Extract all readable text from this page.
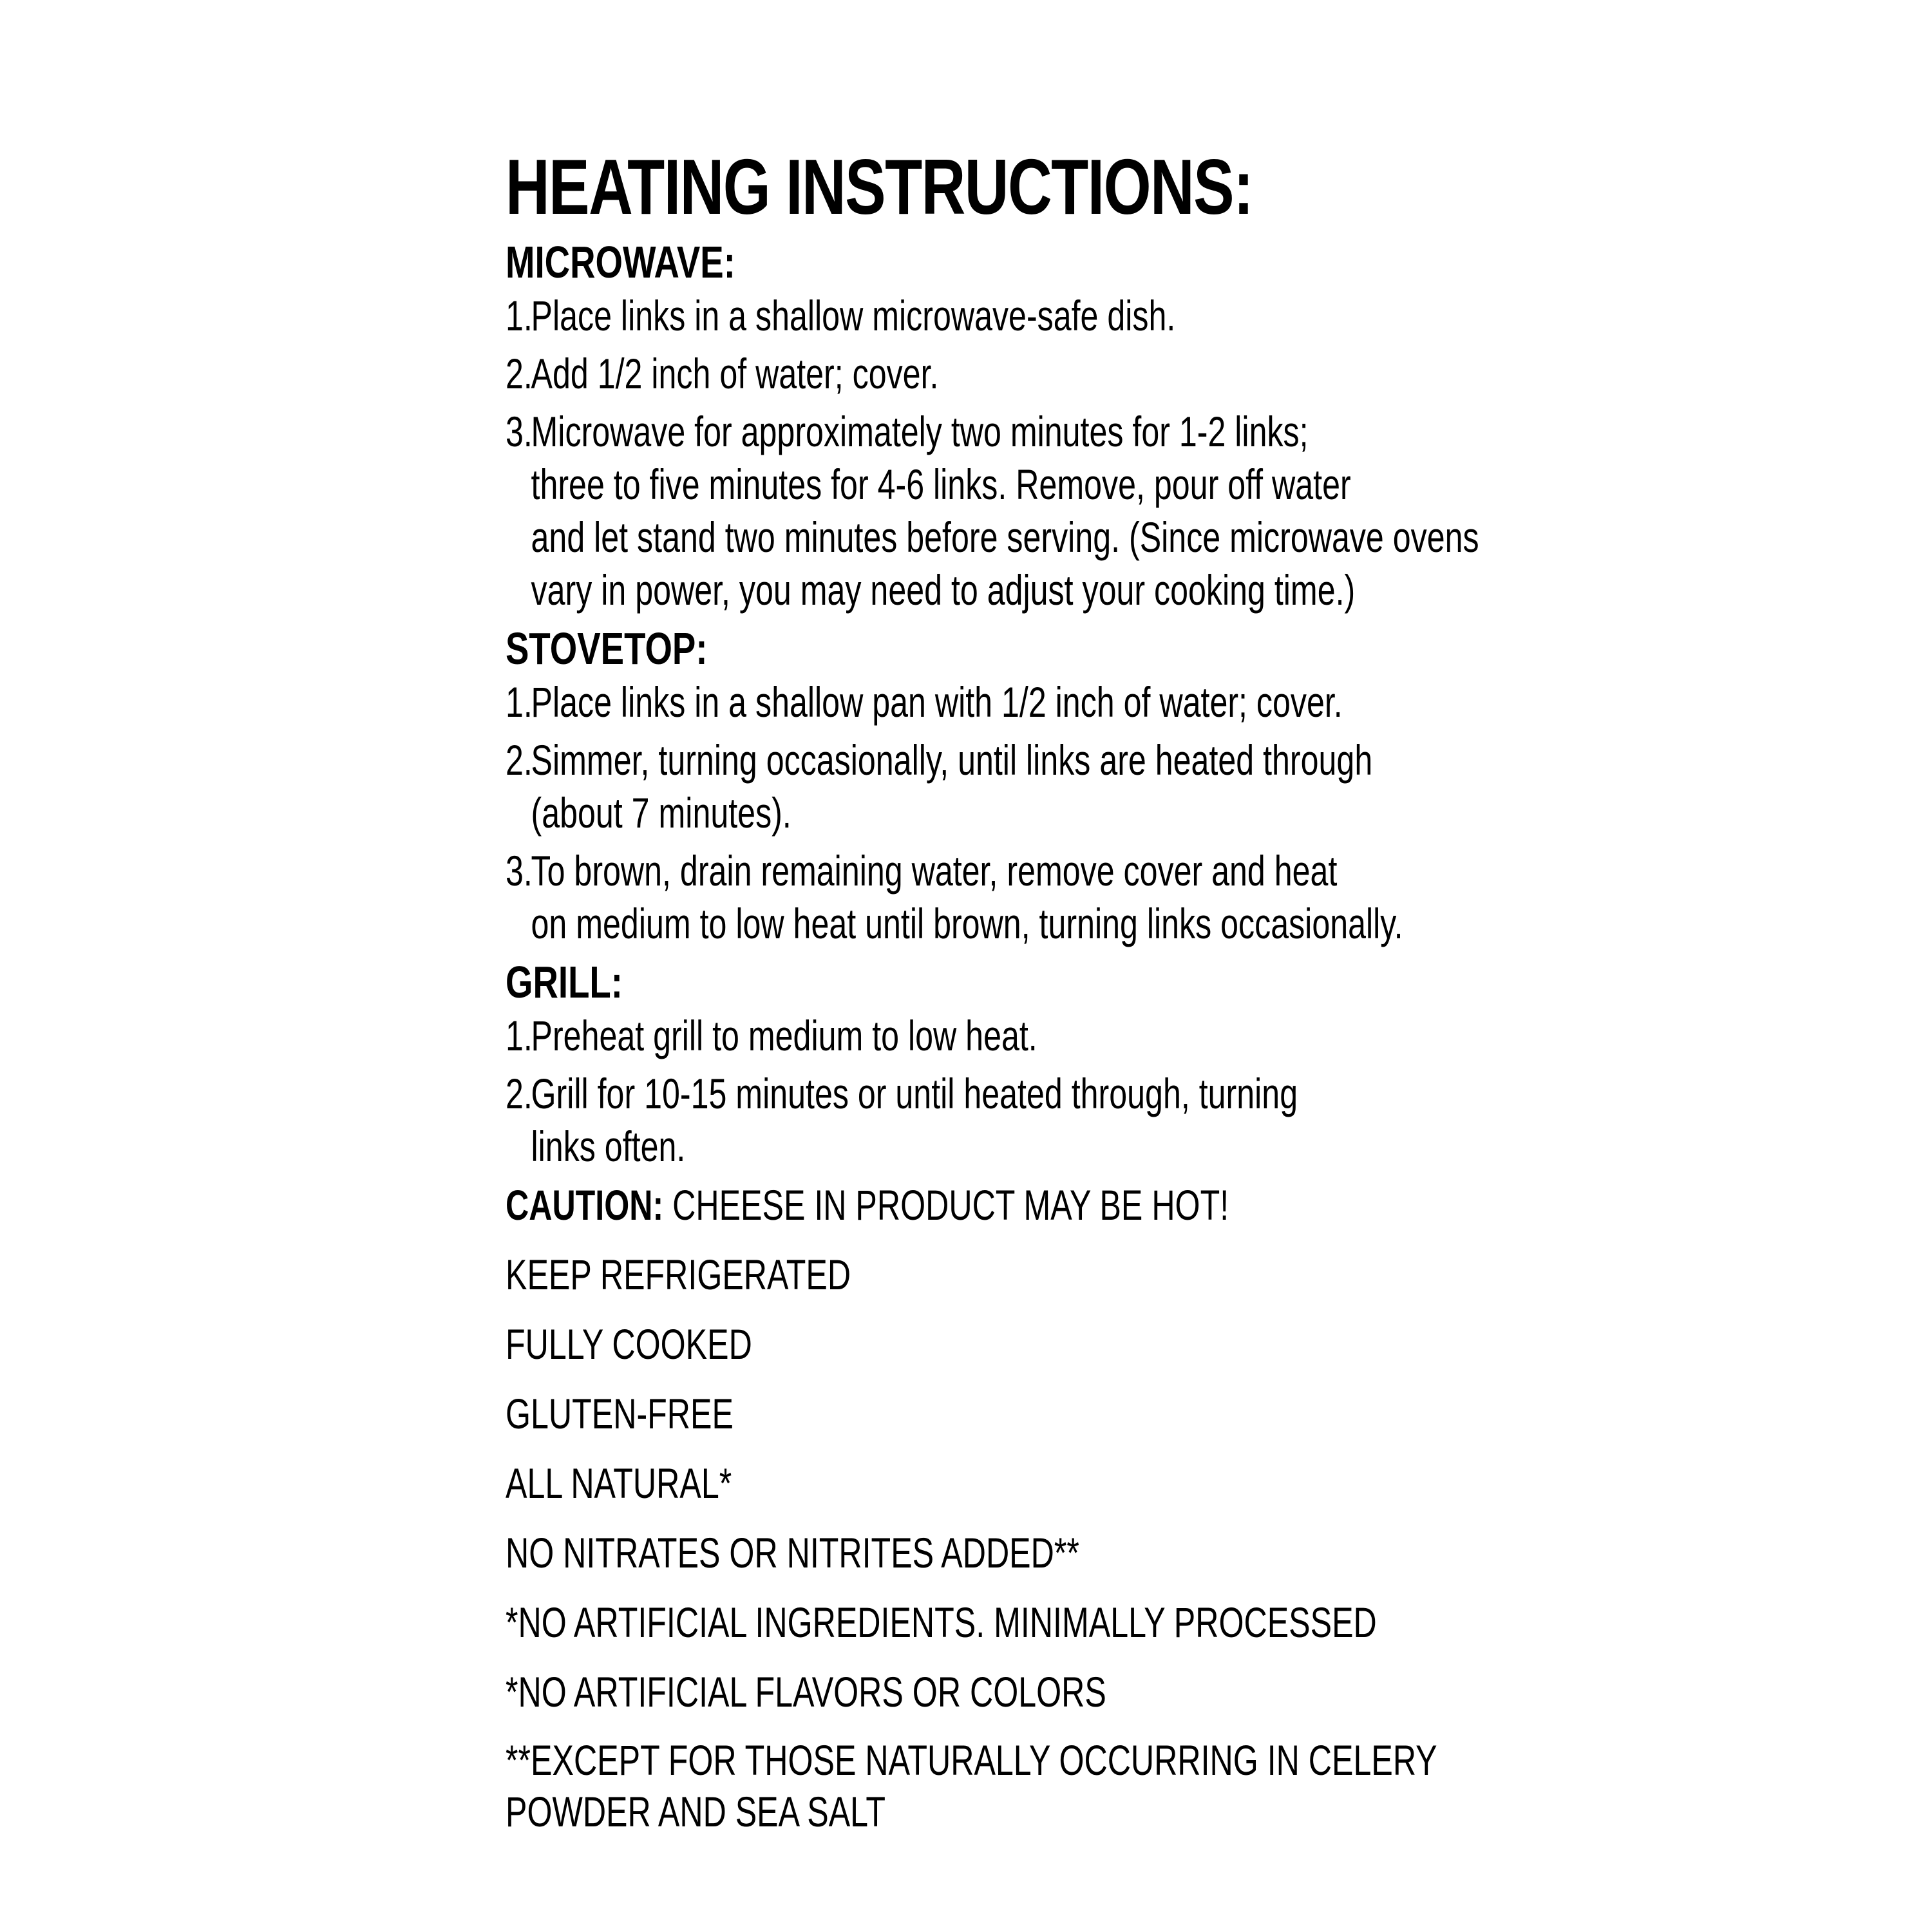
HEATING INSTRUCTIONS:
MICROWAVE:
1.Place links in a shallow microwave-safe dish.
2.Add 1/2 inch of water; cover.
3.Microwave for approximately two minutes for 1-2 links;
three to five minutes for 4-6 links. Remove, pour off water
and let stand two minutes before serving. (Since microwave ovens
vary in power, you may need to adjust your cooking time.)
STOVETOP:
1.Place links in a shallow pan with 1/2 inch of water; cover.
2.Simmer, turning occasionally, until links are heated through
(about 7 minutes).
3.To brown, drain remaining water, remove cover and heat
on medium to low heat until brown, turning links occasionally.
GRILL:
1.Preheat grill to medium to low heat.
2.Grill for 10-15 minutes or until heated through, turning
links often.
CAUTION: CHEESE IN PRODUCT MAY BE HOT!
KEEP REFRIGERATED
FULLY COOKED
GLUTEN-FREE
ALL NATURAL*
NO NITRATES OR NITRITES ADDED**
*NO ARTIFICIAL INGREDIENTS. MINIMALLY PROCESSED
*NO ARTIFICIAL FLAVORS OR COLORS
**EXCEPT FOR THOSE NATURALLY OCCURRING IN CELERY
POWDER AND SEA SALT
